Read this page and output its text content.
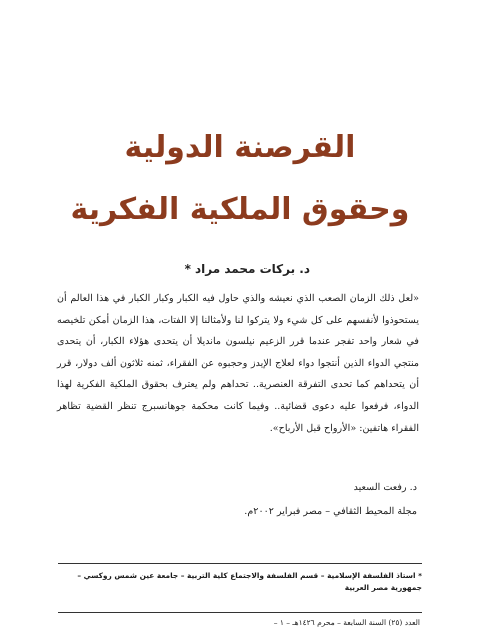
القرصنة الدولية
وحقوق الملكية الفكرية
د. بركات محمد مراد *

«لعل ذلك الزمان الصعب الذي نعيشه والذي حاول فيه الكبار وكبار الكبار في هذا العالم أن يستحوذوا لأنفسهم على كل شيء ولا يتركوا لنا ولأمثالنا إلا الفتات، هذا الزمان أمكن تلخيصه في شعار واحد تفجر عندما قرر الزعيم نيلسون مانديلا أن يتحدى هؤلاء الكبار، أن يتحدى منتجي الدواء الذين أنتجوا دواء لعلاج الإيدز وحجبوه عن الفقراء، ثمنه ثلاثون ألف دولار، قرر أن يتحداهم كما تحدى التفرقة العنصرية.. تحداهم ولم يعترف بحقوق الملكية الفكرية لهذا الدواء، فرفعوا عليه دعوى قضائية.. وفيما كانت محكمة جوهانسبرج تنظر القضية تظاهر الفقراء هاتفين: «الأرواح قبل الأرباح».

د. رفعت السعيد

مجلة المحيط الثقافي – مصر فبراير ٢٠٠٢م.

* استاذ الفلسفة الإسلامية – قسم الفلسفة والاجتماع كلية التربية – جامعة عين شمس روكسي – جمهورية مصر العربية

العدد (٢٥) السنة السابعة – محرم ١٤٢٦هـ – ١ –
